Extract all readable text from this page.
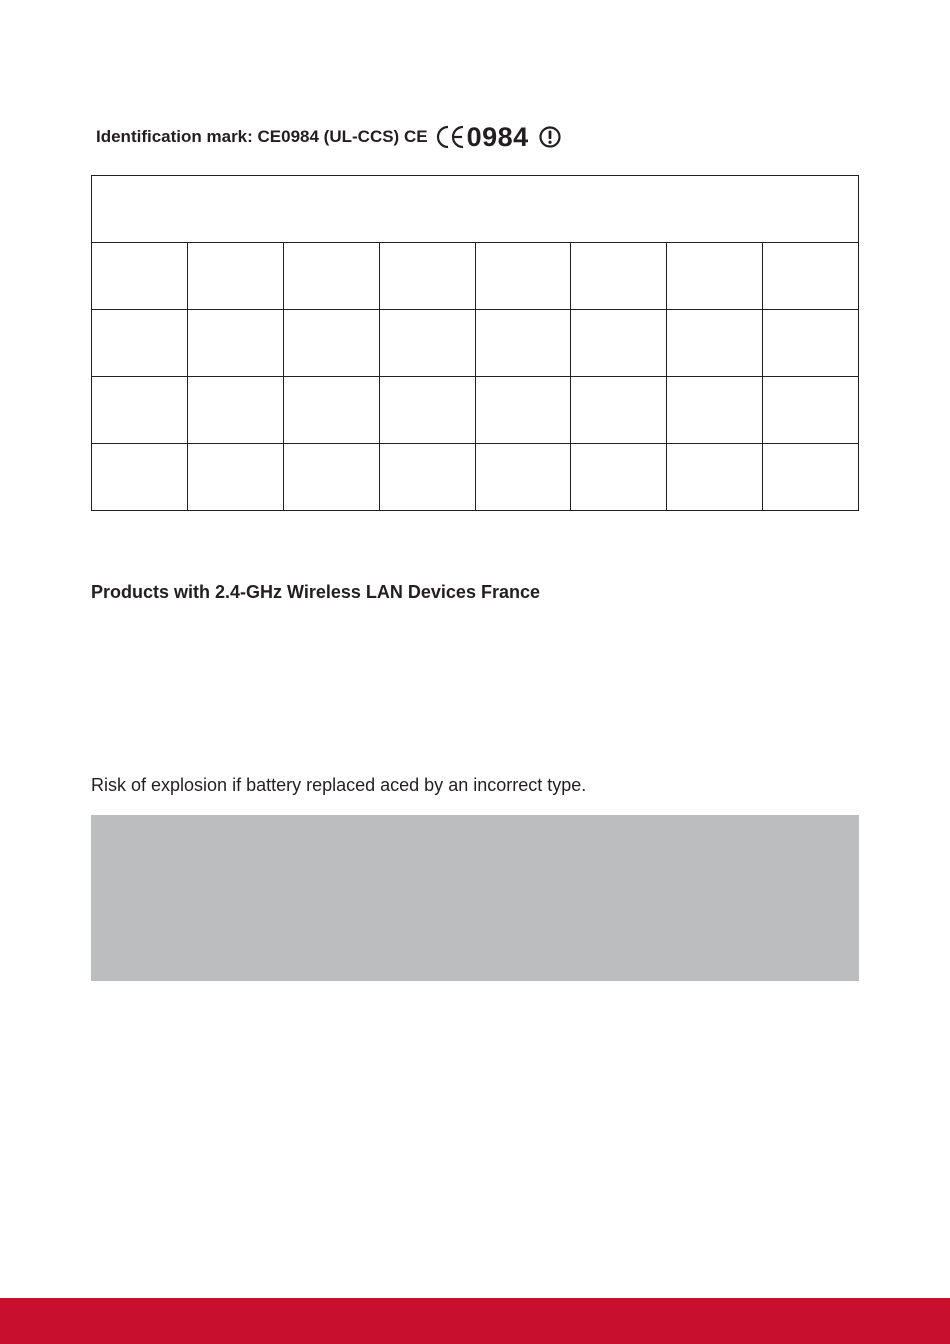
Identification mark: CE0984 (UL-CCS) CE 0984

Products with 2.4-GHz Wireless LAN Devices France
Risk of explosion if battery replaced aced by an incorrect type.
